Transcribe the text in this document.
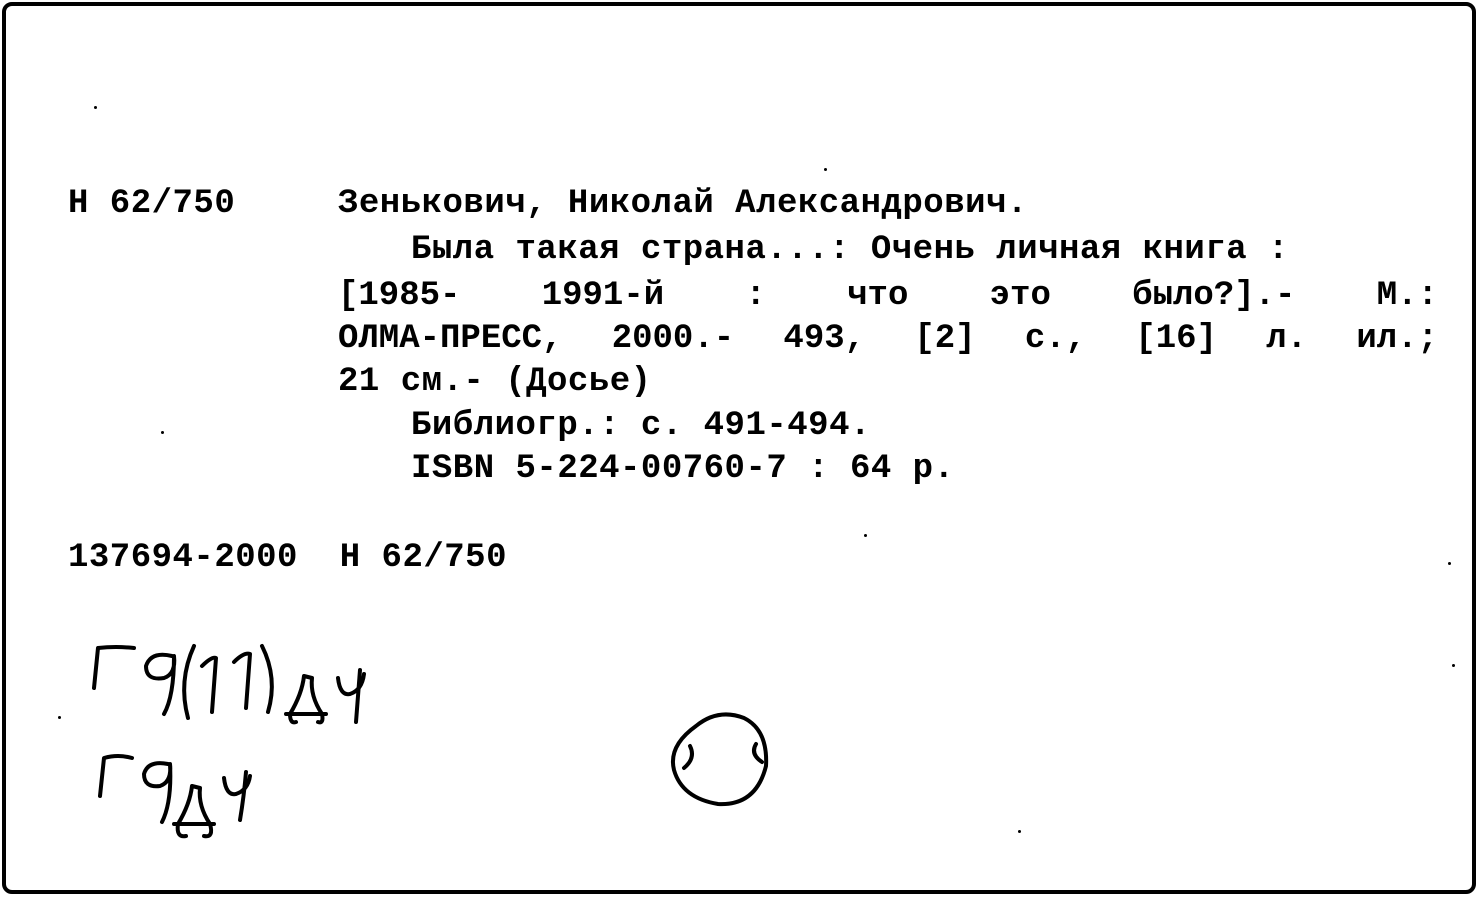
Н 62/750	Зенькович, Николай Александрович.
Была такая страна...: Очень личная книга :
[1985- 1991-й : что это было?].- М.:
ОЛМА-ПРЕСС, 2000.- 493, [2] с., [16] л. ил.;
21 см.- (Досье)
Библиогр.: с. 491-494.
ISBN 5-224-00760-7 : 64 р.
137694-2000  Н 62/750
